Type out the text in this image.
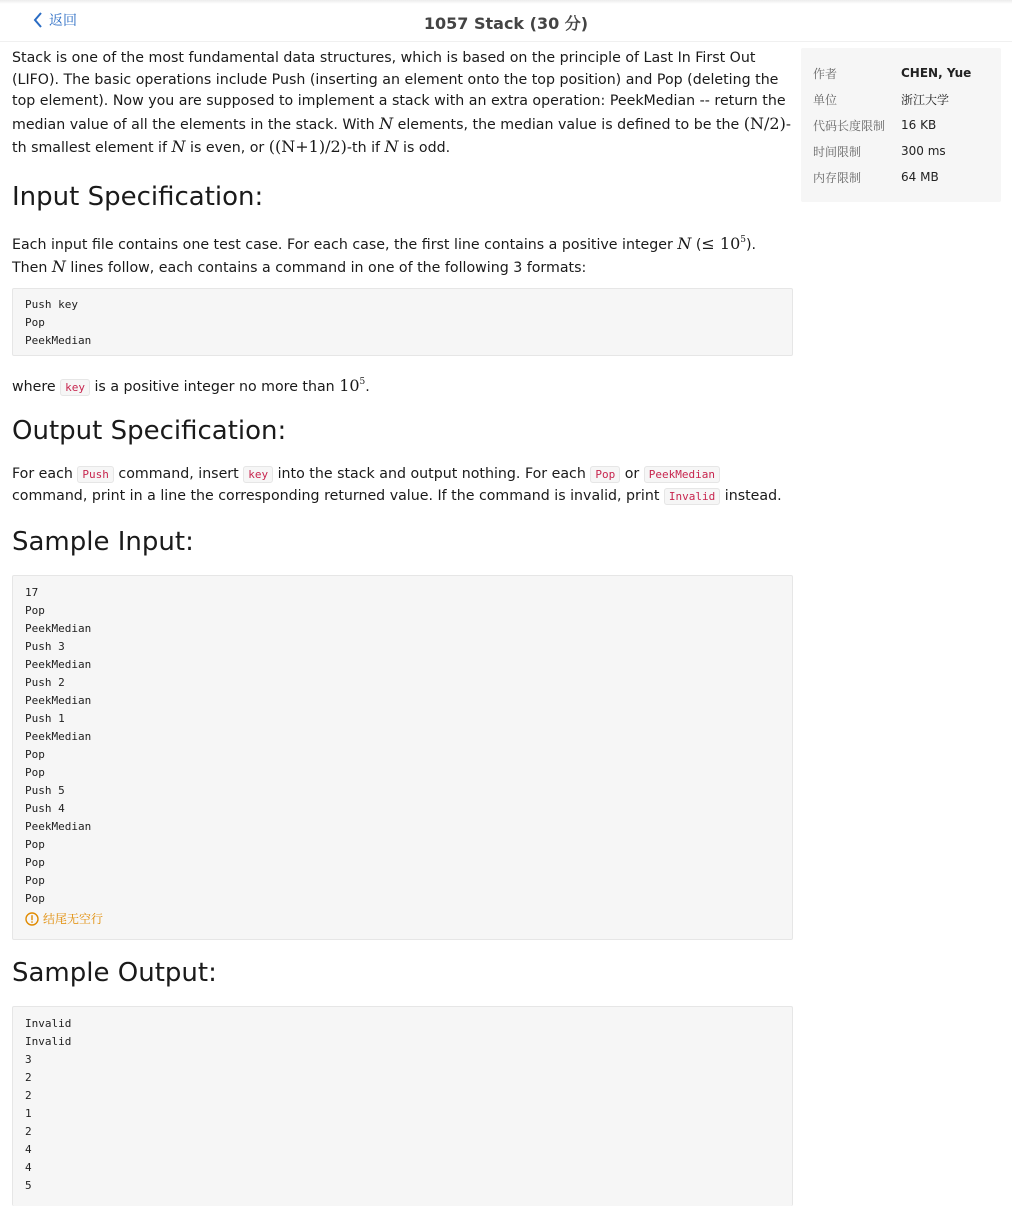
返回	1057 Stack (30 分)

Stack is one of the most fundamental data structures, which is based on the principle of Last In First Out (LIFO). The basic operations include Push (inserting an element onto the top position) and Pop (deleting the top element). Now you are supposed to implement a stack with an extra operation: PeekMedian -- return the median value of all the elements in the stack. With N elements, the median value is defined to be the (N/2)-th smallest element if N is even, or ((N+1)/2)-th if N is odd.

Input Specification:

Each input file contains one test case. For each case, the first line contains a positive integer N (≤ $10^5$). Then N lines follow, each contains a command in one of the following 3 formats:

Push key
Pop
PeekMedian

where key is a positive integer no more than $10^5$.

Output Specification:

For each Push command, insert key into the stack and output nothing. For each Pop or PeekMedian command, print in a line the corresponding returned value. If the command is invalid, print Invalid instead.

Sample Input:
17
Pop
PeekMedian
Push 3
PeekMedian
Push 2
PeekMedian
Push 1
PeekMedian
Pop
Pop
Push 5
Push 4
PeekMedian
Pop
Pop
Pop
Pop
结尾无空行
Sample Output:
Invalid
Invalid
3
2
2
1
2
4
4
5
作者	CHEN, Yue
单位	浙江大学
代码长度限制	16 KB
时间限制	300 ms
内存限制	64 MB
